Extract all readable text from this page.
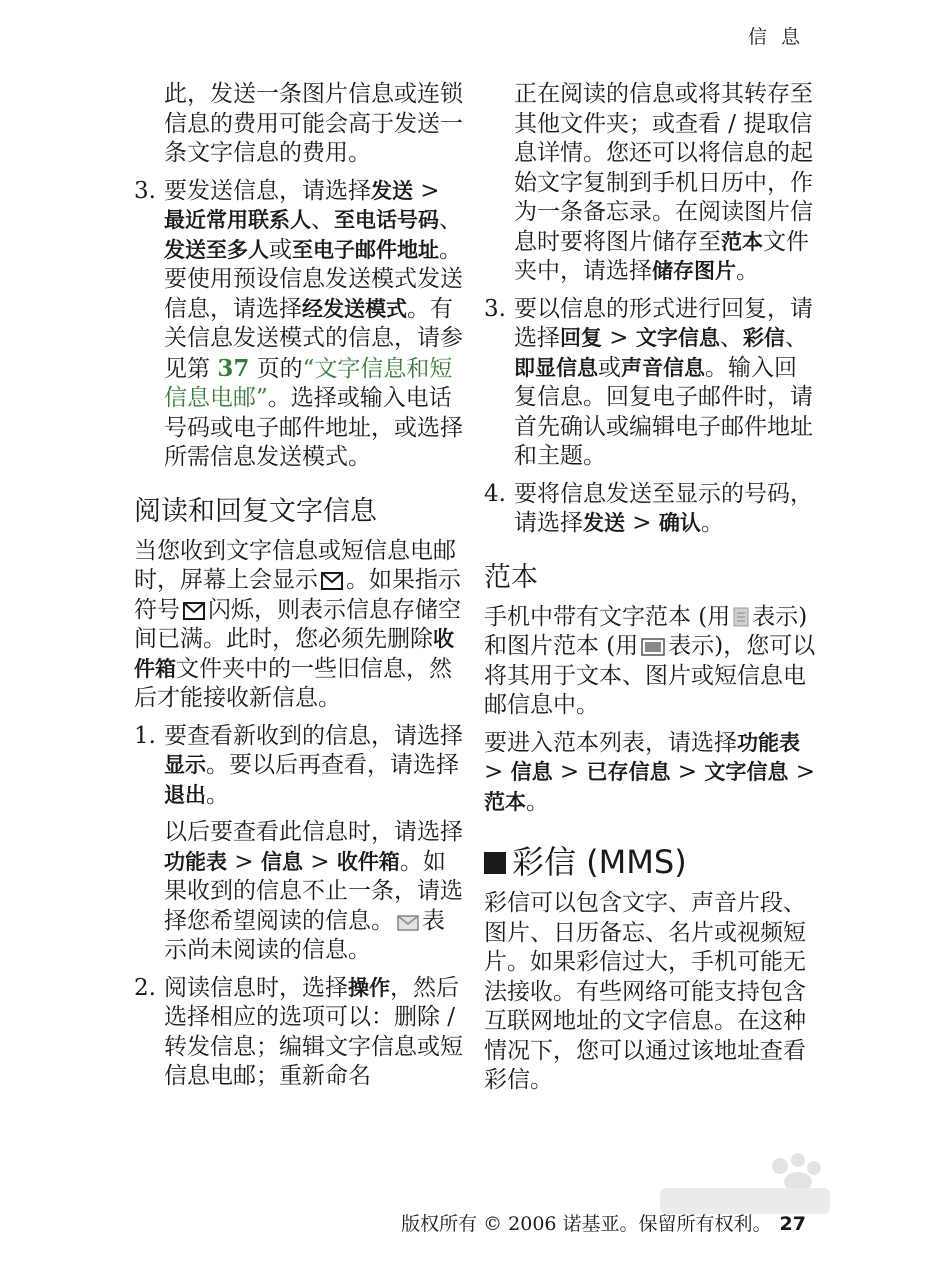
信 息

此，发送一条图片信息或连锁信息的费用可能会高于发送一条文字信息的费用。

3. 要发送信息，请选择发送 > 最近常用联系人、至电话号码、发送至多人或至电子邮件地址。要使用预设信息发送模式发送信息，请选择经发送模式。有关信息发送模式的信息，请参见第 37 页的“文字信息和短信息电邮”。选择或输入电话号码或电子邮件地址，或选择所需信息发送模式。
阅读和回复文字信息

当您收到文字信息或短信息电邮时，屏幕上会显示 。如果指示符号 闪烁，则表示信息存储空间已满。此时，您必须先删除收件箱文件夹中的一些旧信息，然后才能接收新信息。

1. 要查看新收到的信息，请选择显示。要以后再查看，请选择退出。

以后要查看此信息时，请选择功能表 > 信息 > 收件箱。如果收到的信息不止一条，请选择您希望阅读的信息。 表示尚未阅读的信息。

2. 阅读信息时，选择操作，然后选择相应的选项可以：删除 / 转发信息；编辑文字信息或短信息电邮；重新命名

正在阅读的信息或将其转存至其他文件夹；或查看 / 提取信息详情。您还可以将信息的起始文字复制到手机日历中，作为一条备忘录。在阅读图片信息时要将图片储存至范本文件夹中，请选择储存图片。

3. 要以信息的形式进行回复，请选择回复 > 文字信息、彩信、即显信息或声音信息。输入回复信息。回复电子邮件时，请首先确认或编辑电子邮件地址和主题。
4. 要将信息发送至显示的号码，请选择发送 > 确认。
范本

手机中带有文字范本 (用 表示) 和图片范本 (用 表示)，您可以将其用于文本、图片或短信息电邮信息中。

要进入范本列表，请选择功能表 > 信息 > 已存信息 > 文字信息 > 范本。

彩信 (MMS)

彩信可以包含文字、声音片段、图片、日历备忘、名片或视频短片。如果彩信过大，手机可能无法接收。有些网络可能支持包含互联网地址的文字信息。在这种情况下，您可以通过该地址查看彩信。

版权所有 © 2006 诺基亚。保留所有权利。 27
